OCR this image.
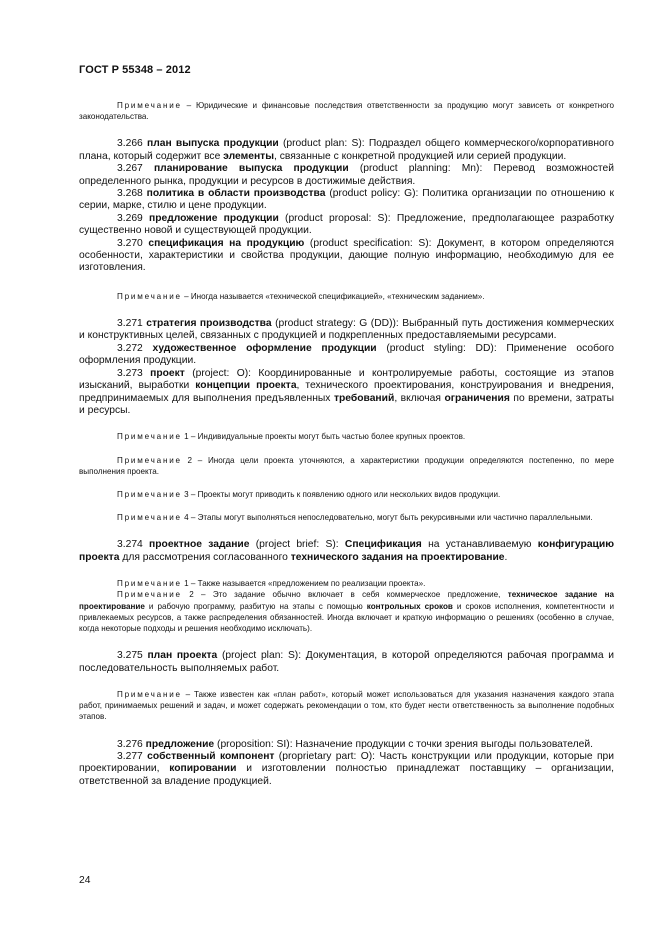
ГОСТ Р 55348 – 2012

Примечание – Юридические и финансовые последствия ответственности за продукцию могут зависеть от конкретного законодательства.

3.266 план выпуска продукции (product plan: S): Подраздел общего коммерческого/корпоративного плана, который содержит все элементы, связанные с конкретной продукцией или серией продукции.

3.267 планирование выпуска продукции (product planning: Mn): Перевод возможностей определенного рынка, продукции и ресурсов в достижимые действия.

3.268 политика в области производства (product policy: G): Политика организации по отношению к серии, марке, стилю и цене продукции.

3.269 предложение продукции (product proposal: S): Предложение, предполагающее разработку существенно новой и существующей продукции.

3.270 спецификация на продукцию (product specification: S): Документ, в котором определяются особенности, характеристики и свойства продукции, дающие полную информацию, необходимую для ее изготовления.

Примечание – Иногда называется «технической спецификацией», «техническим заданием».

3.271 стратегия производства (product strategy: G (DD)): Выбранный путь достижения коммерческих и конструктивных целей, связанных с продукцией и подкрепленных предоставляемыми ресурсами.

3.272 художественное оформление продукции (product styling: DD): Применение особого оформления продукции.

3.273 проект (project: O): Координированные и контролируемые работы, состоящие из этапов изысканий, выработки концепции проекта, технического проектирования, конструирования и внедрения, предпринимаемых для выполнения предъявленных требований, включая ограничения по времени, затраты и ресурсы.

Примечание 1 – Индивидуальные проекты могут быть частью более крупных проектов.

Примечание 2 – Иногда цели проекта уточняются, а характеристики продукции определяются постепенно, по мере выполнения проекта.

Примечание 3 – Проекты могут приводить к появлению одного или нескольких видов продукции.

Примечание 4 – Этапы могут выполняться непоследовательно, могут быть рекурсивными или частично параллельными.

3.274 проектное задание (project brief: S): Спецификация на устанавливаемую конфигурацию проекта для рассмотрения согласованного технического задания на проектирование.

Примечание 1 – Также называется «предложением по реализации проекта».

Примечание 2 – Это задание обычно включает в себя коммерческое предложение, техническое задание на проектирование и рабочую программу, разбитую на этапы с помощью контрольных сроков и сроков исполнения, компетентности и привлекаемых ресурсов, а также распределения обязанностей. Иногда включает и краткую информацию о решениях (особенно в случае, когда некоторые подходы и решения необходимо исключать).

3.275 план проекта (project plan: S): Документация, в которой определяются рабочая программа и последовательность выполняемых работ.

Примечание – Также известен как «план работ», который может использоваться для указания назначения каждого этапа работ, принимаемых решений и задач, и может содержать рекомендации о том, кто будет нести ответственность за выполнение подобных этапов.

3.276 предложение (proposition: SI): Назначение продукции с точки зрения выгоды пользователей.

3.277 собственный компонент (proprietary part: O): Часть конструкции или продукции, которые при проектировании, копировании и изготовлении полностью принадлежат поставщику – организации, ответственной за владение продукцией.

24
